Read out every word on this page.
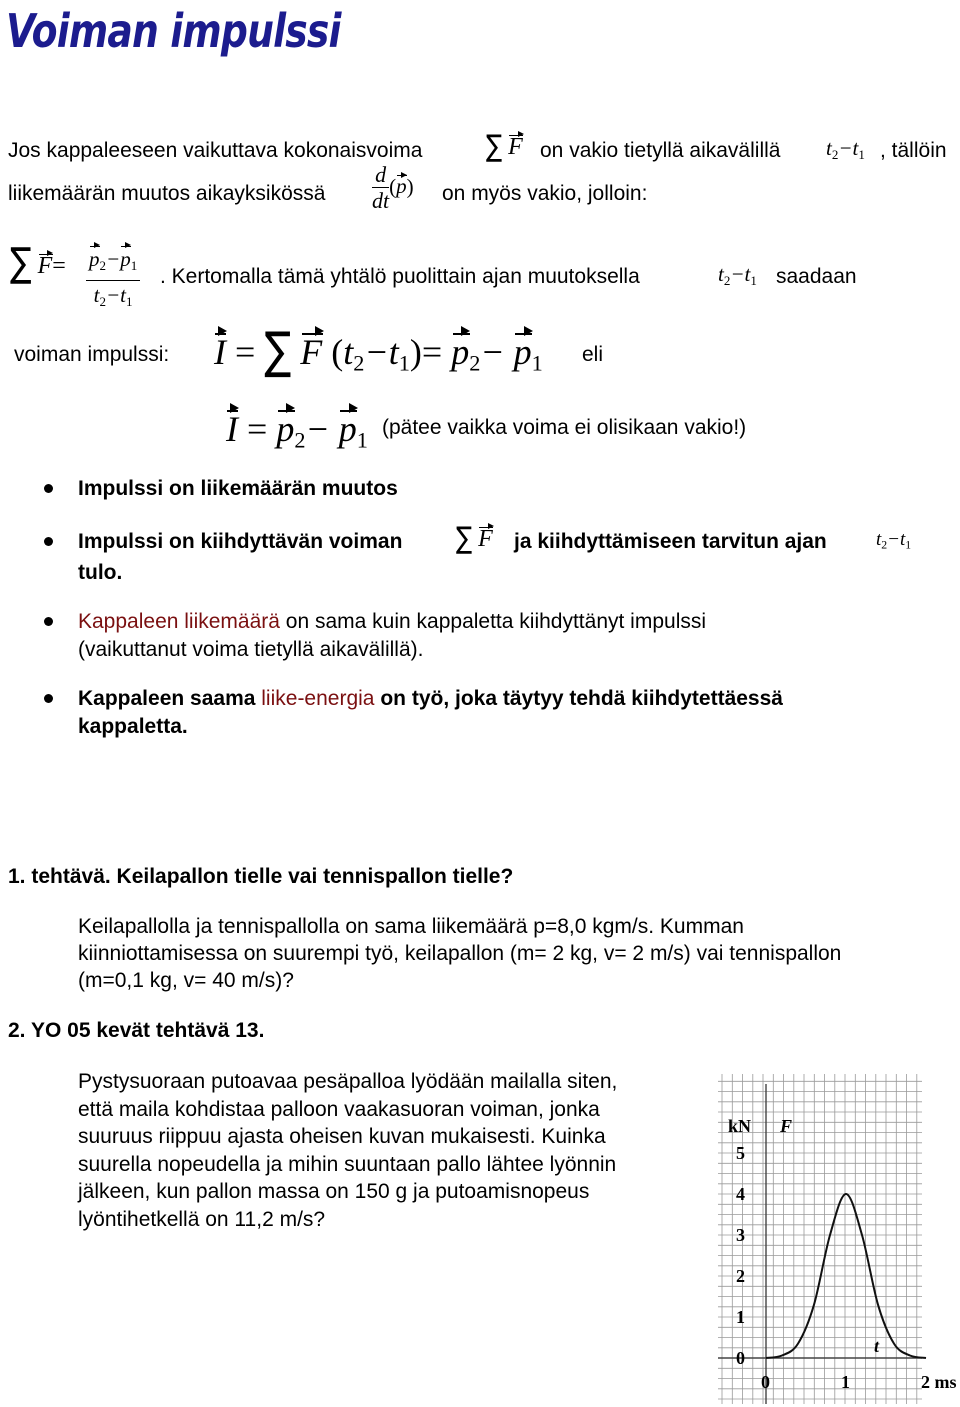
Voiman impulssi
Jos kappaleeseen vaikuttava kokonaisvoima	∑ F on vakio tietyllä aikavälillä $t_2-t_1$ , tällöin
liikemäärän muutos aikayksikössä $\frac{d}{dt} (p)$ on myös vakio, jolloin:
∑ $F= \frac{p_2-p_1}{t_2-t_1}$ . Kertomalla tämä yhtälö puolittain ajan muutoksella	$t_2-t_1$ saadaan
voiman impulssi: I = ∑ F $(t_2-t_1)= p_2- p_1$ eli
$I = p_2- p_1$
(pätee vaikka voima ei olisikaan vakio!)
Impulssi on liikemäärän muutos
Impulssi on kiihdyttävän voiman ∑ F ja kiihdyttämiseen tarvitun ajan	$t_2-t_1$
tulo.
Kappaleen liikemäärä on sama kuin kappaletta kiihdyttänyt impulssi
(vaikuttanut voima tietyllä aikavälillä).
Kappaleen saama liike-energia on työ, joka täytyy tehdä kiihdytettäessä
kappaletta.
1. tehtävä. Keilapallon tielle vai tennispallon tielle?
Keilapallolla ja tennispallolla on sama liikemäärä p=8,0 kgm/s. Kumman
kiinniottamisessa on suurempi työ, keilapallon (m= 2 kg, v= 2 m/s) vai tennispallon
(m=0,1 kg, v= 40 m/s)?
2. YO 05 kevät tehtävä 13.
Pystysuoraan putoavaa pesäpalloa lyödään mailalla siten,
että maila kohdistaa palloon vaakasuoran voiman, jonka
suuruus riippuu ajasta oheisen kuvan mukaisesti. Kuinka
suurella nopeudella ja mihin suuntaan pallo lähtee lyönnin
jälkeen, kun pallon massa on 150 g ja putoamisnopeus
lyöntihetkellä on 11,2 m/s?
0
1
2
3
4
5
0	1	2 ms
kN F
t
